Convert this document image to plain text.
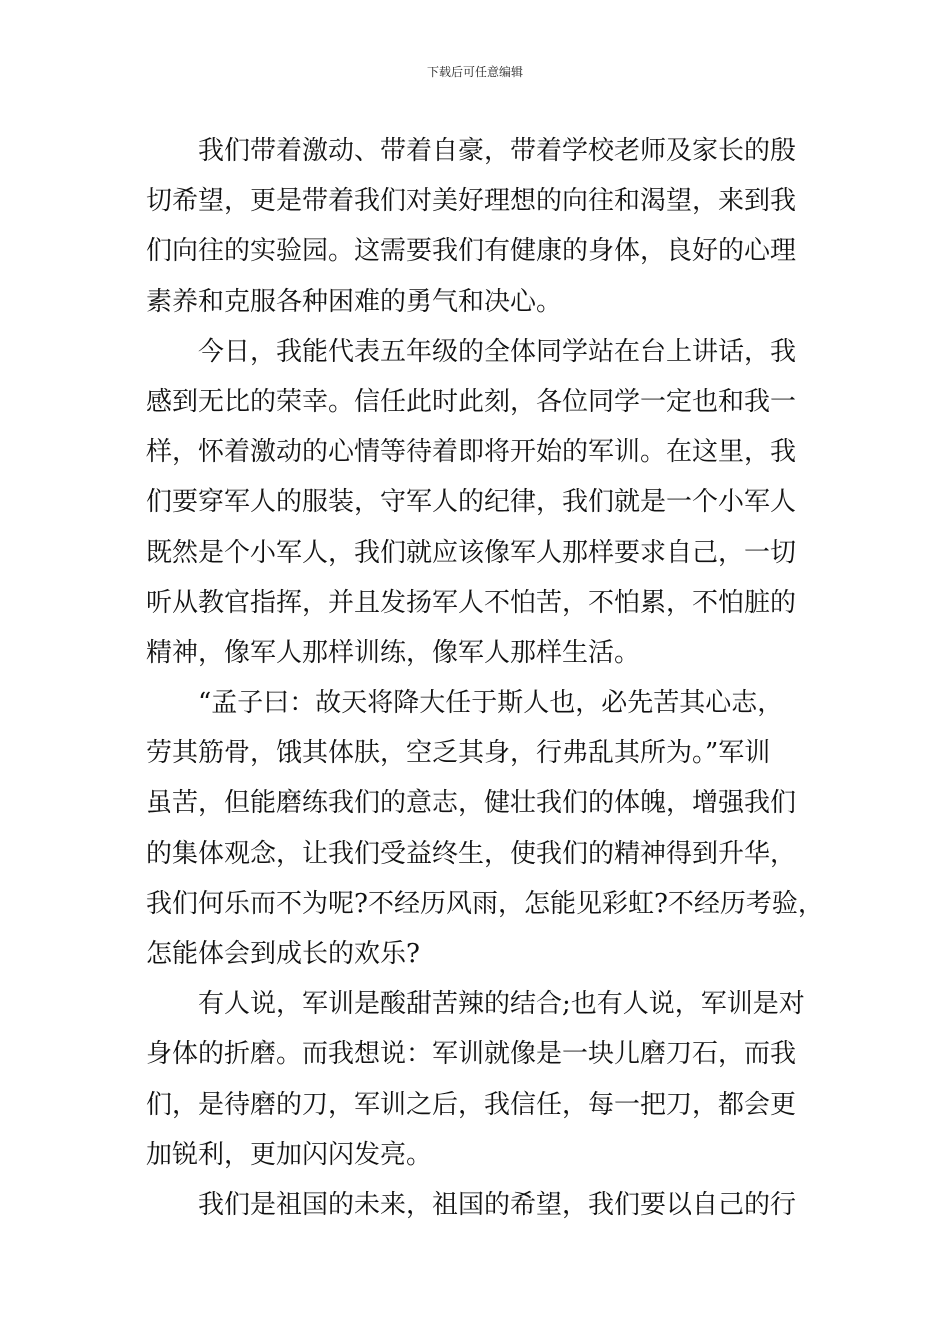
下载后可任意编辑
我们带着激动、带着自豪，带着学校老师及家长的殷
切希望，更是带着我们对美好理想的向往和渴望，来到我
们向往的实验园。这需要我们有健康的身体，良好的心理
素养和克服各种困难的勇气和决心。
今日，我能代表五年级的全体同学站在台上讲话，我
感到无比的荣幸。信任此时此刻，各位同学一定也和我一
样，怀着激动的心情等待着即将开始的军训。在这里，我
们要穿军人的服装，守军人的纪律，我们就是一个小军人
既然是个小军人，我们就应该像军人那样要求自己，一切
听从教官指挥，并且发扬军人不怕苦，不怕累，不怕脏的
精神，像军人那样训练，像军人那样生活。
“孟子曰：故天将降大任于斯人也，必先苦其心志，
劳其筋骨，饿其体肤，空乏其身，行弗乱其所为。”军训
虽苦，但能磨练我们的意志，健壮我们的体魄，增强我们
的集体观念，让我们受益终生，使我们的精神得到升华，
我们何乐而不为呢?不经历风雨，怎能见彩虹?不经历考验，
怎能体会到成长的欢乐?
有人说，军训是酸甜苦辣的结合;也有人说，军训是对
身体的折磨。而我想说：军训就像是一块儿磨刀石，而我
们，是待磨的刀，军训之后，我信任，每一把刀，都会更
加锐利，更加闪闪发亮。
我们是祖国的未来，祖国的希望，我们要以自己的行
